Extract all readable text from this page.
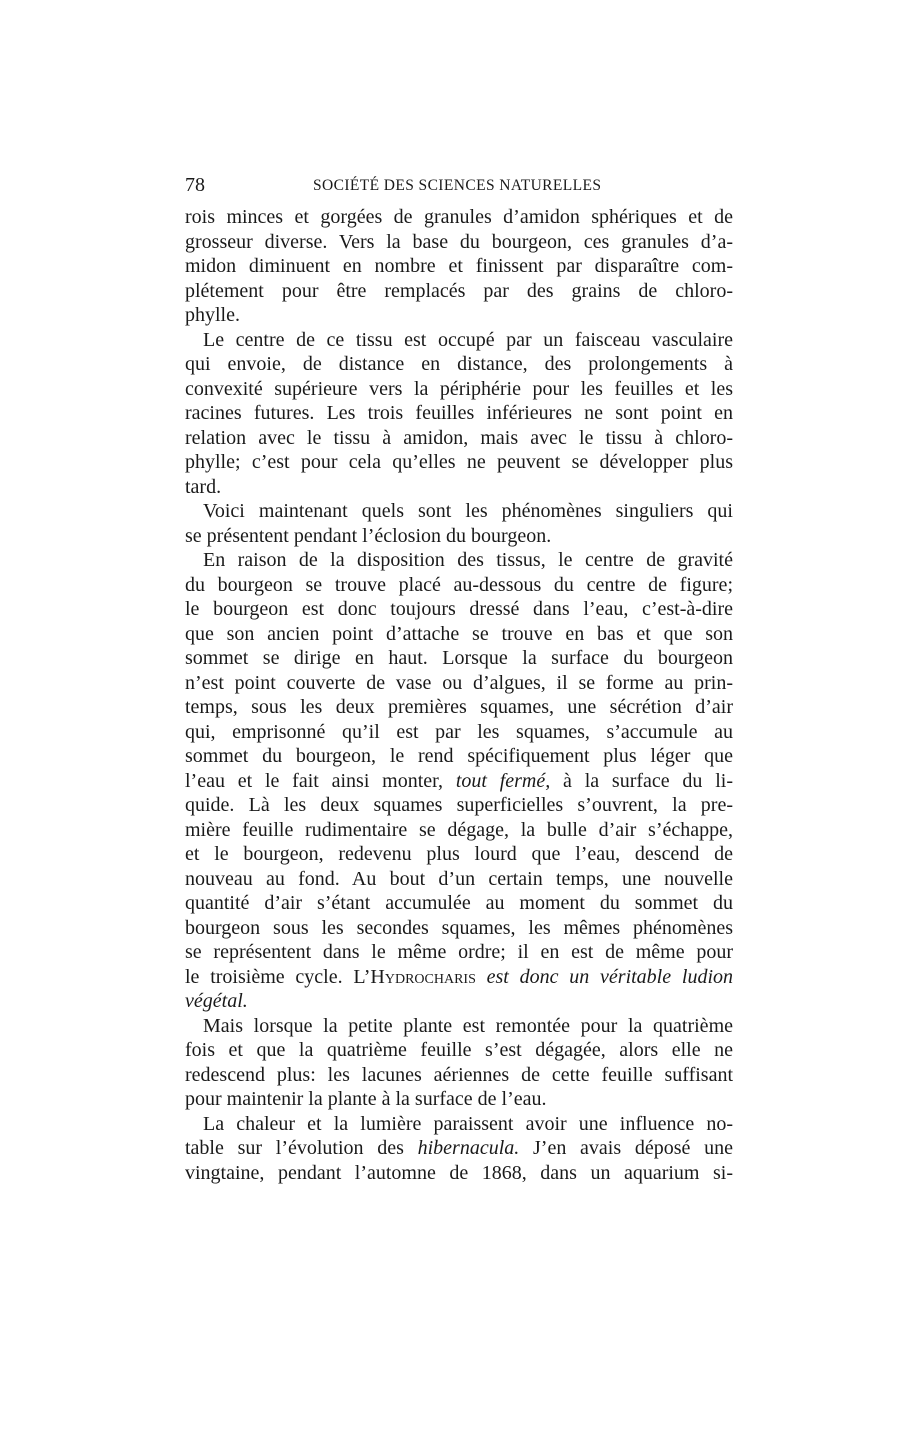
78	SOCIÉTÉ DES SCIENCES NATURELLES
rois minces et gorgées de granules d’amidon sphériques et de
grosseur diverse. Vers la base du bourgeon, ces granules d’a-
midon diminuent en nombre et finissent par disparaître com-
plétement pour être remplacés par des grains de chloro-
phylle.
Le centre de ce tissu est occupé par un faisceau vasculaire
qui envoie, de distance en distance, des prolongements à
convexité supérieure vers la périphérie pour les feuilles et les
racines futures. Les trois feuilles inférieures ne sont point en
relation avec le tissu à amidon, mais avec le tissu à chloro-
phylle; c’est pour cela qu’elles ne peuvent se développer plus
tard.
Voici maintenant quels sont les phénomènes singuliers qui
se présentent pendant l’éclosion du bourgeon.
En raison de la disposition des tissus, le centre de gravité
du bourgeon se trouve placé au-dessous du centre de figure;
le bourgeon est donc toujours dressé dans l’eau, c’est-à-dire
que son ancien point d’attache se trouve en bas et que son
sommet se dirige en haut. Lorsque la surface du bourgeon
n’est point couverte de vase ou d’algues, il se forme au prin-
temps, sous les deux premières squames, une sécrétion d’air
qui, emprisonné qu’il est par les squames, s’accumule au
sommet du bourgeon, le rend spécifiquement plus léger que
l’eau et le fait ainsi monter, tout fermé, à la surface du li-
quide. Là les deux squames superficielles s’ouvrent, la pre-
mière feuille rudimentaire se dégage, la bulle d’air s’échappe,
et le bourgeon, redevenu plus lourd que l’eau, descend de
nouveau au fond. Au bout d’un certain temps, une nouvelle
quantité d’air s’étant accumulée au moment du sommet du
bourgeon sous les secondes squames, les mêmes phénomènes
se représentent dans le même ordre; il en est de même pour
le troisième cycle. L’Hydrocharis est donc un véritable ludion
végétal.
Mais lorsque la petite plante est remontée pour la quatrième
fois et que la quatrième feuille s’est dégagée, alors elle ne
redescend plus: les lacunes aériennes de cette feuille suffisant
pour maintenir la plante à la surface de l’eau.
La chaleur et la lumière paraissent avoir une influence no-
table sur l’évolution des hibernacula. J’en avais déposé une
vingtaine, pendant l’automne de 1868, dans un aquarium si-
